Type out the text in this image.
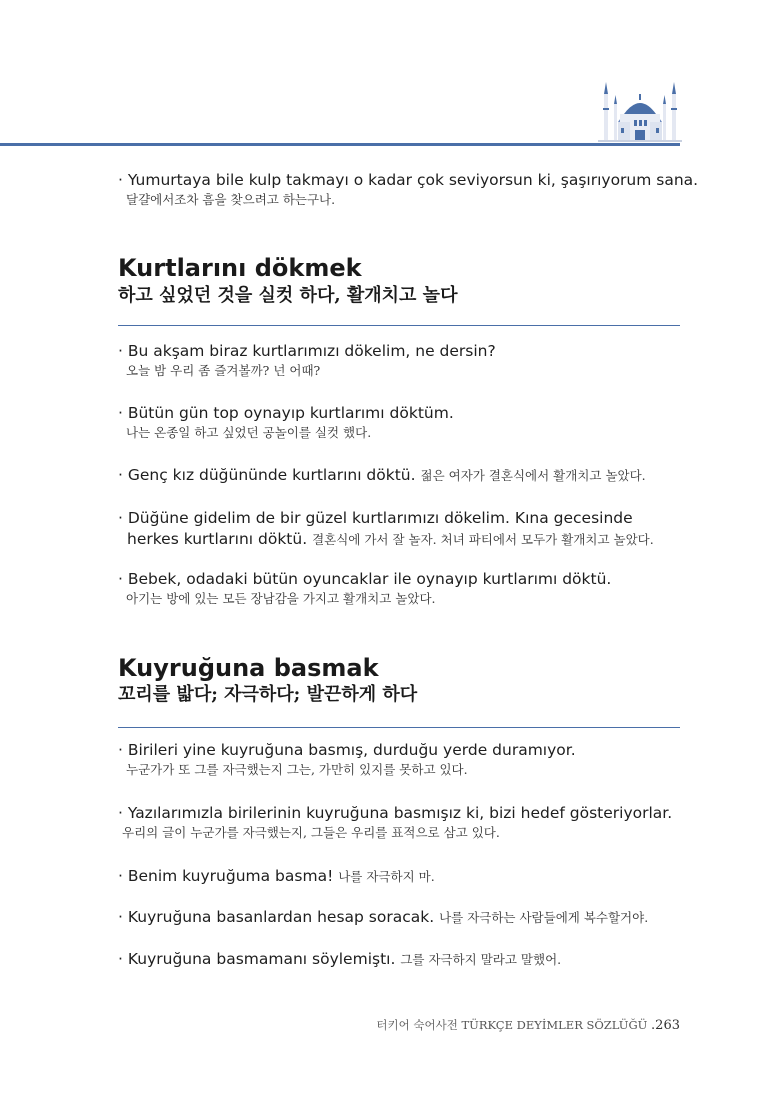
· Yumurtaya bile kulp takmayı o kadar çok seviyorsun ki, şaşırıyorum sana.
달걀에서조차 흠을 찾으려고 하는구나.
Kurtlarını dökmek
하고 싶었던 것을 실컷 하다, 활개치고 놀다
· Bu akşam biraz kurtlarımızı dökelim, ne dersin?
오늘 밤 우리 좀 즐겨볼까? 넌 어때?
· Bütün gün top oynayıp kurtlarımı döktüm.
나는 온종일 하고 싶었던 공놀이를 실컷 했다.
· Genç kız düğününde kurtlarını döktü. 젊은 여자가 결혼식에서 활개치고 놀았다.
· Düğüne gidelim de bir güzel kurtlarımızı dökelim. Kına gecesinde
herkes kurtlarını döktü. 결혼식에 가서 잘 놀자. 처녀 파티에서 모두가 활개치고 놀았다.
· Bebek, odadaki bütün oyuncaklar ile oynayıp kurtlarımı döktü.
아기는 방에 있는 모든 장남감을 가지고 활개치고 놀았다.
Kuyruğuna basmak
꼬리를 밟다; 자극하다; 발끈하게 하다
· Birileri yine kuyruğuna basmış, durduğu yerde duramıyor.
누군가가 또 그를 자극했는지 그는, 가만히 있지를 못하고 있다.
· Yazılarımızla birilerinin kuyruğuna basmışız ki, bizi hedef gösteriyorlar.
우리의 글이 누군가를 자극했는지, 그들은 우리를 표적으로 삼고 있다.
· Benim kuyruğuma basma! 나를 자극하지 마.
· Kuyruğuna basanlardan hesap soracak. 나를 자극하는 사람들에게 복수할거야.
· Kuyruğuna basmamanı söylemiştı. 그를 자극하지 말라고 말했어.
터키어 숙어사전 TÜRKÇE DEYİMLER SÖZLÜĞÜ .263
